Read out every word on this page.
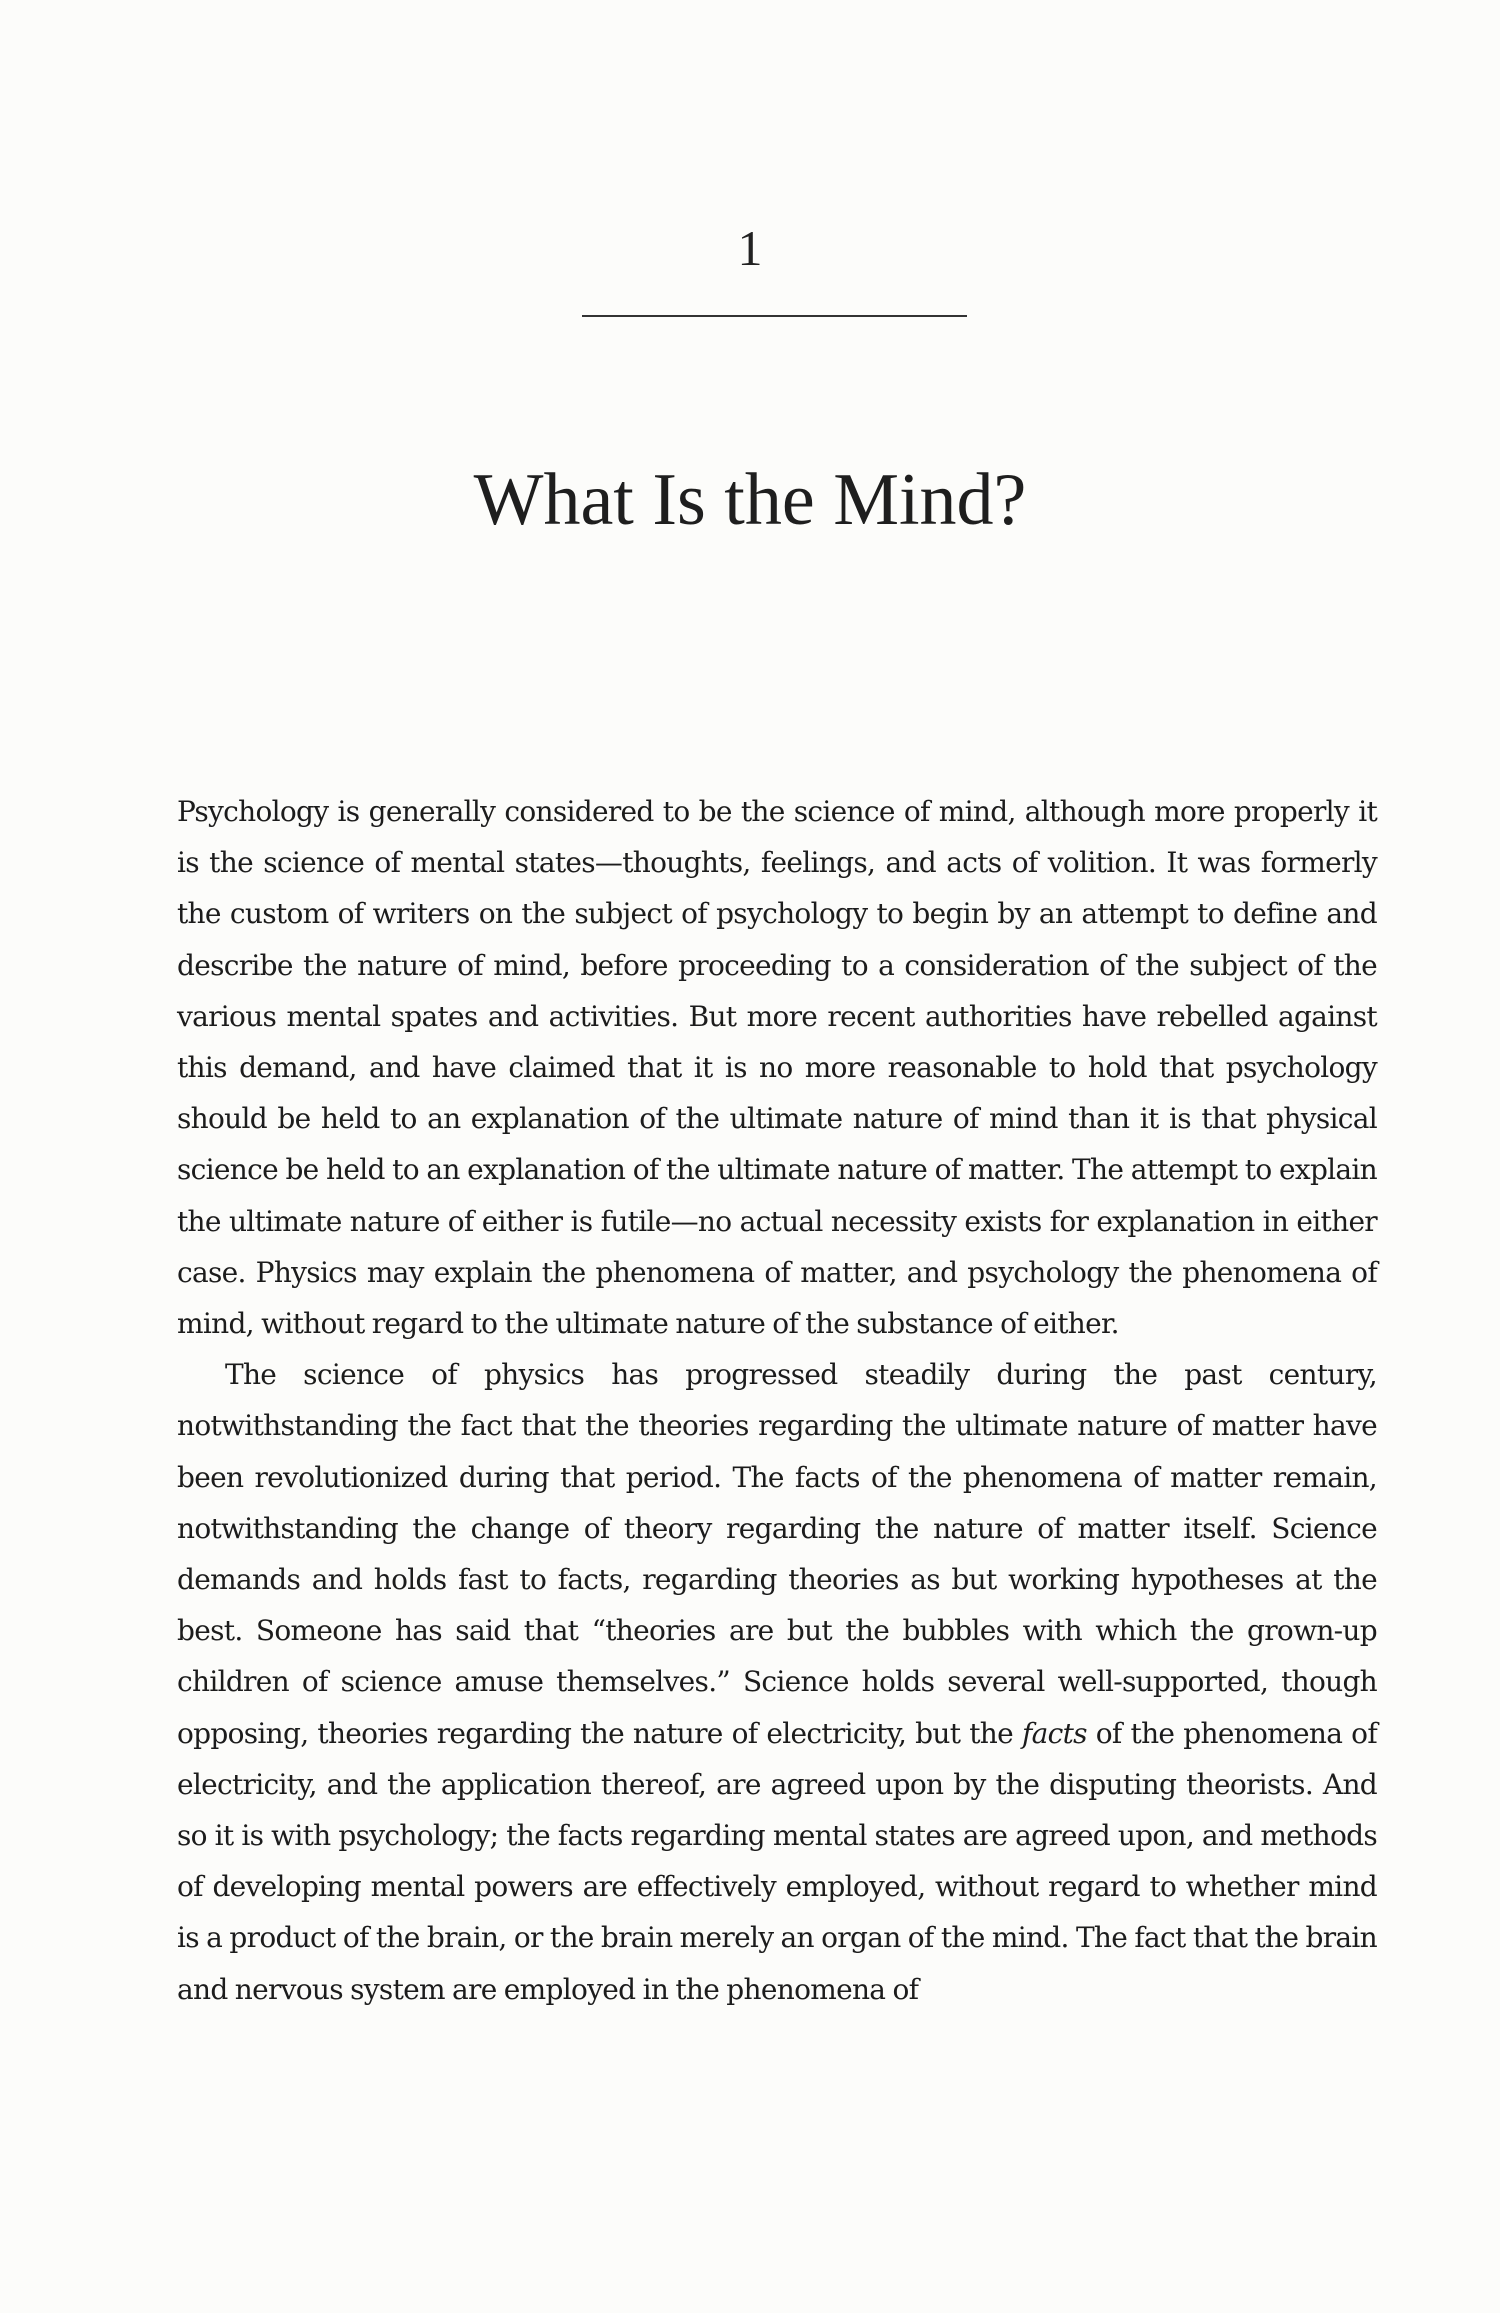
1
What Is the Mind?

Psychology is generally considered to be the science of mind, although more properly it is the science of mental states—thoughts, feelings, and acts of volition. It was formerly the custom of writers on the subject of psychology to begin by an attempt to define and describe the nature of mind, before proceeding to a consideration of the subject of the various mental spates and activities. But more recent authorities have rebelled against this demand, and have claimed that it is no more reasonable to hold that psychology should be held to an explanation of the ultimate nature of mind than it is that physical science be held to an explanation of the ultimate nature of matter. The attempt to explain the ultimate nature of either is futile—no actual necessity exists for explanation in either case. Physics may explain the phenomena of matter, and psychology the phenomena of mind, without regard to the ultimate nature of the substance of either.

The science of physics has progressed steadily during the past century, notwithstanding the fact that the theories regarding the ultimate nature of matter have been revolutionized during that period. The facts of the phenomena of matter remain, notwithstanding the change of theory regarding the nature of matter itself. Science demands and holds fast to facts, regarding theories as but working hypotheses at the best. Someone has said that “theories are but the bubbles with which the grown-up children of science amuse themselves.” Science holds several well-supported, though opposing, theories regarding the nature of electricity, but the facts of the phenomena of electricity, and the application thereof, are agreed upon by the disputing theorists. And so it is with psychology; the facts regarding mental states are agreed upon, and methods of developing mental powers are effectively employed, without regard to whether mind is a product of the brain, or the brain merely an organ of the mind. The fact that the brain and nervous system are employed in the phenomena of
